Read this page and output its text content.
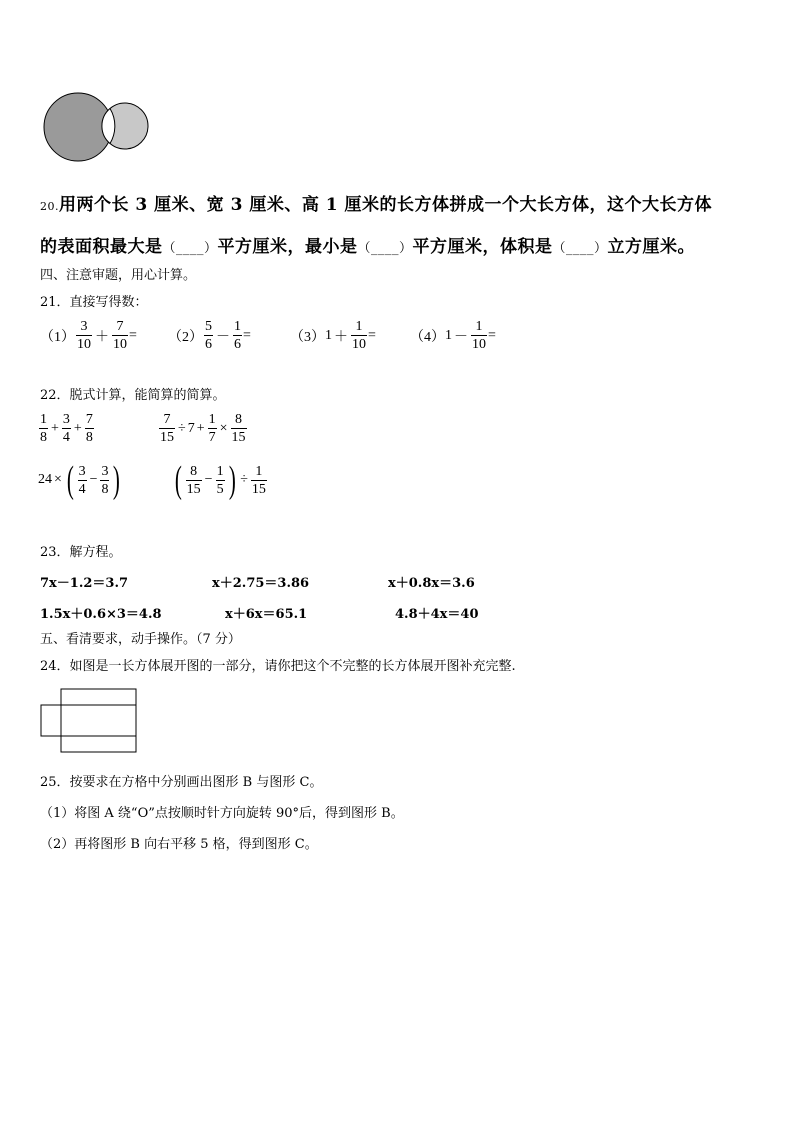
20.用两个长 3 厘米、宽 3 厘米、高 1 厘米的长方体拼成一个大长方体，这个大长方体
的表面积最大是（____）平方厘米，最小是（____）平方厘米，体积是（____）立方厘米。
四、注意审题，用心计算。
21．直接写得数：
$(1) \frac{3}{10} + \frac{7}{10} = (2) \frac{5}{6} - \frac{1}{6}$ =	（3） $1 + \frac{1}{10} = (4) 1 - \frac{1}{10}$ =
22．脱式计算，能简算的简算。
$\frac{1}{8} + \frac{3}{4} + \frac{7}{8}$	$\frac{7}{15} \div 7 + \frac{1}{7} \times \frac{8}{15}$
24 × ( $\frac{3}{4} - \frac{3}{8}$ ) ( $\frac{8}{15} - \frac{1}{5}$ ) ÷ $\frac{1}{15}$
23．解方程。
7x－1.2＝3.7	x＋2.75＝3.86	x＋0.8x＝3.6
1.5x＋0.6×3＝4.8	x＋6x＝65.1	4.8＋4x＝40
五、看清要求，动手操作。（7 分）
24．如图是一长方体展开图的一部分，请你把这个不完整的长方体展开图补充完整.
25．按要求在方格中分别画出图形 B 与图形 C。
（1）将图 A 绕“O”点按顺时针方向旋转 90°后，得到图形 B。
（2）再将图形 B 向右平移 5 格，得到图形 C。
